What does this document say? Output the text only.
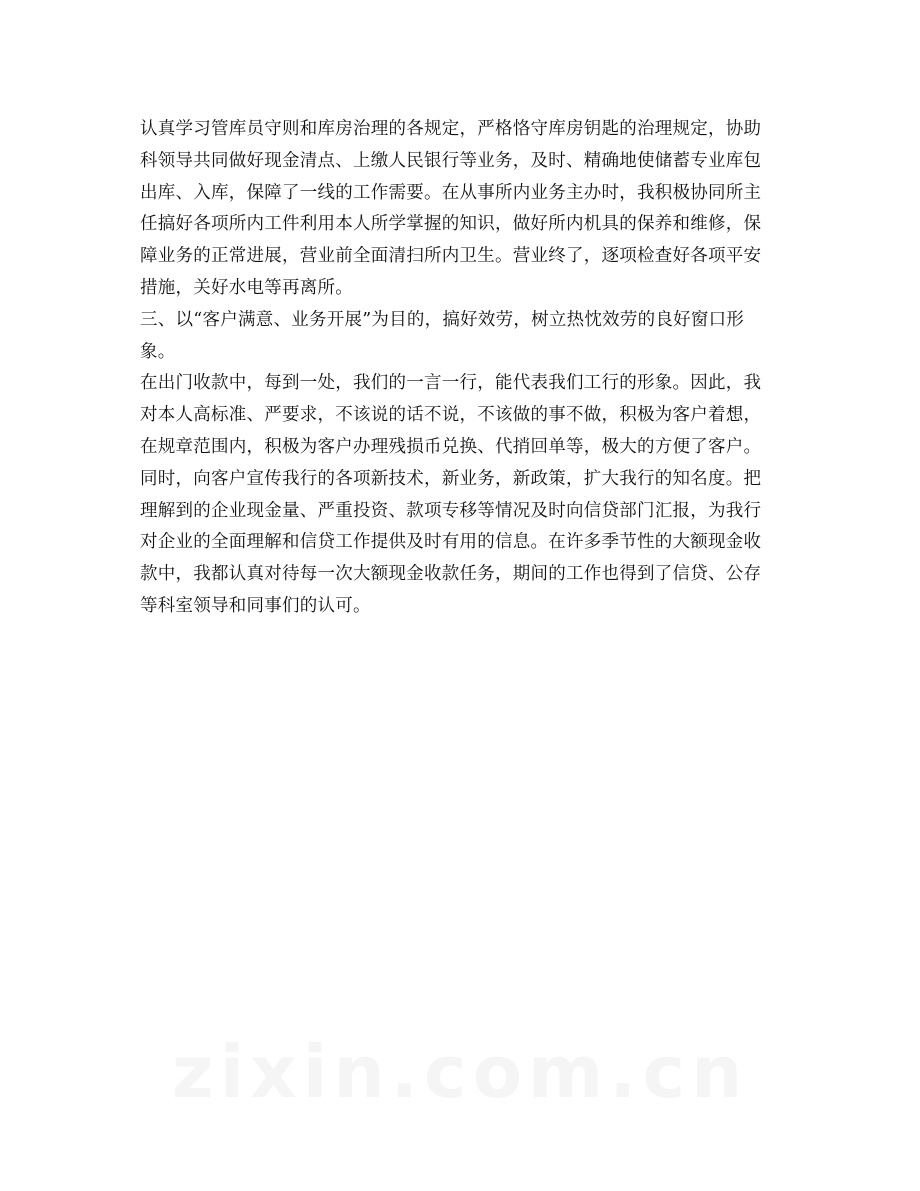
认真学习管库员守则和库房治理的各规定，严格恪守库房钥匙的治理规定，协助
科领导共同做好现金清点、上缴人民银行等业务，及时、精确地使储蓄专业库包
出库、入库，保障了一线的工作需要。在从事所内业务主办时，我积极协同所主
任搞好各项所内工件利用本人所学掌握的知识，做好所内机具的保养和维修，保
障业务的正常进展，营业前全面清扫所内卫生。营业终了，逐项检查好各项平安
措施，关好水电等再离所。
三、以“客户满意、业务开展”为目的，搞好效劳，树立热忱效劳的良好窗口形
象。
在出门收款中，每到一处，我们的一言一行，能代表我们工行的形象。因此，我
对本人高标准、严要求，不该说的话不说，不该做的事不做，积极为客户着想，
在规章范围内，积极为客户办理残损币兑换、代捎回单等，极大的方便了客户。
同时，向客户宣传我行的各项新技术，新业务，新政策，扩大我行的知名度。把
理解到的企业现金量、严重投资、款项专移等情况及时向信贷部门汇报，为我行
对企业的全面理解和信贷工作提供及时有用的信息。在许多季节性的大额现金收
款中，我都认真对待每一次大额现金收款任务，期间的工作也得到了信贷、公存
等科室领导和同事们的认可。
